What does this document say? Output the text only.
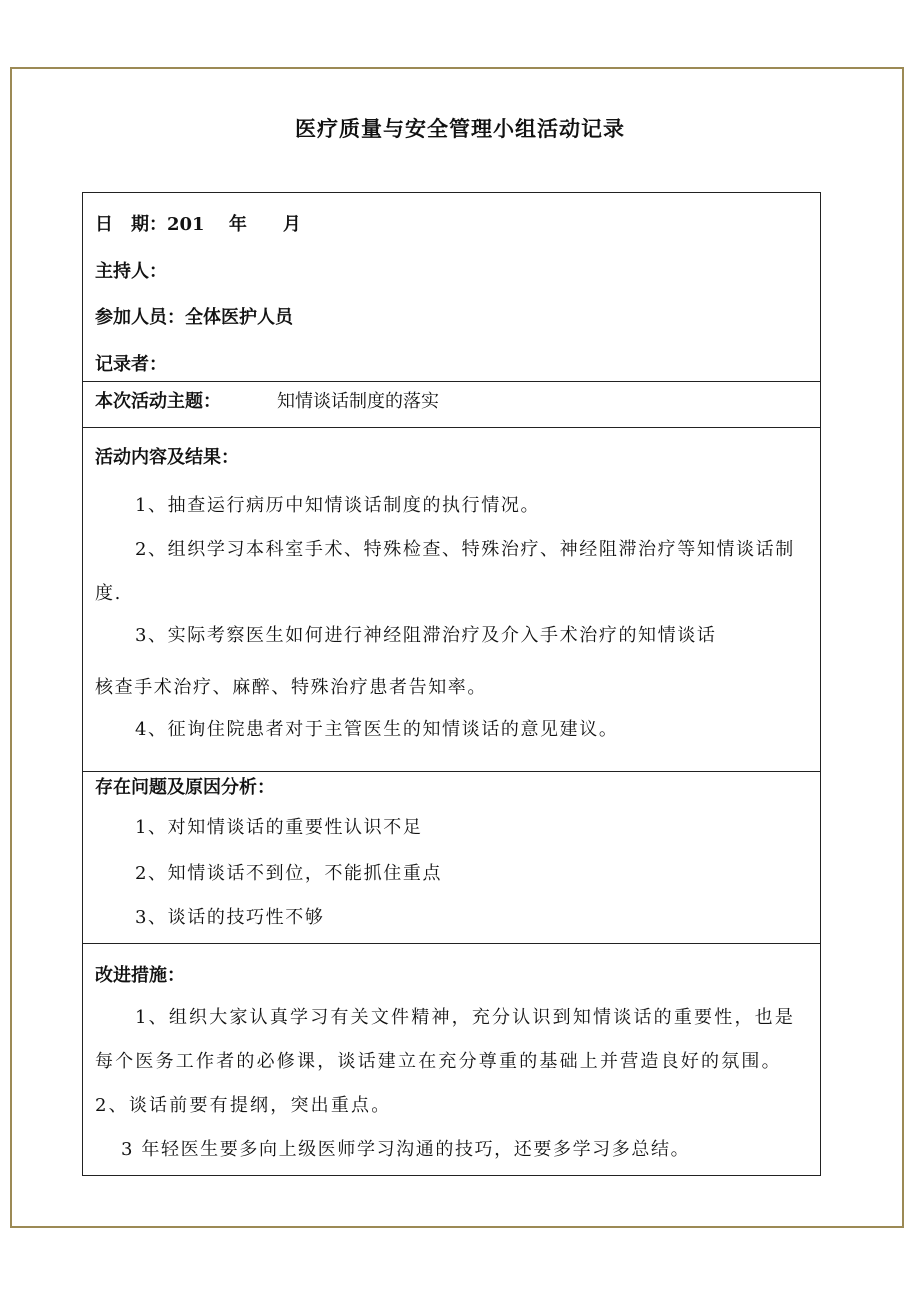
医疗质量与安全管理小组活动记录
日　期：201　 年　　月
主持人：
参加人员：全体医护人员
记录者：
本次活动主题：	知情谈话制度的落实
活动内容及结果：
1、抽查运行病历中知情谈话制度的执行情况。
2、组织学习本科室手术、特殊检查、特殊治疗、神经阻滞治疗等知情谈话制度.
3、实际考察医生如何进行神经阻滞治疗及介入手术治疗的知情谈话
核查手术治疗、麻醉、特殊治疗患者告知率。
4、征询住院患者对于主管医生的知情谈话的意见建议。
存在问题及原因分析：
1、对知情谈话的重要性认识不足
2、知情谈话不到位，不能抓住重点
3、谈话的技巧性不够
改进措施：
1、组织大家认真学习有关文件精神，充分认识到知情谈话的重要性，也是每个医务工作者的必修课，谈话建立在充分尊重的基础上并营造良好的氛围。2、谈话前要有提纲，突出重点。
3 年轻医生要多向上级医师学习沟通的技巧，还要多学习多总结。
